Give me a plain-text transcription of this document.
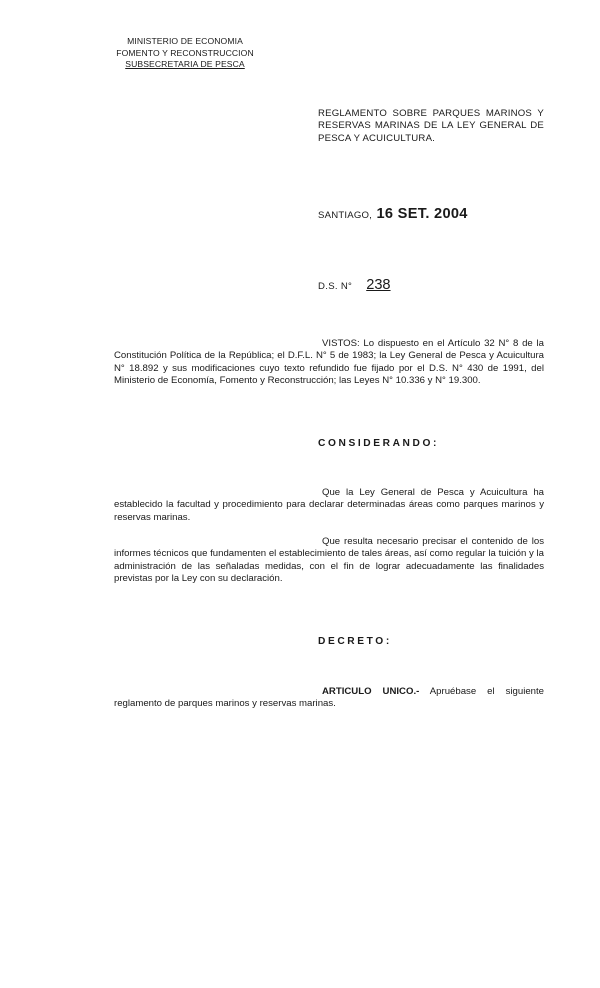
MINISTERIO DE ECONOMIA
FOMENTO Y RECONSTRUCCION
SUBSECRETARIA DE PESCA
REGLAMENTO SOBRE PARQUES MARINOS Y RESERVAS MARINAS DE LA LEY GENERAL DE PESCA Y ACUICULTURA.
SANTIAGO, 16 SET. 2004
D.S. N° 238
VISTOS: Lo dispuesto en el Artículo 32 N° 8 de la Constitución Política de la República; el D.F.L. N° 5 de 1983; la Ley General de Pesca y Acuicultura N° 18.892 y sus modificaciones cuyo texto refundido fue fijado por el D.S. N° 430 de 1991, del Ministerio de Economía, Fomento y Reconstrucción; las Leyes N° 10.336 y N° 19.300.
CONSIDERANDO:
Que la Ley General de Pesca y Acuicultura ha establecido la facultad y procedimiento para declarar determinadas áreas como parques marinos y reservas marinas.
Que resulta necesario precisar el contenido de los informes técnicos que fundamenten el establecimiento de tales áreas, así como regular la tuición y la administración de las señaladas medidas, con el fin de lograr adecuadamente las finalidades previstas por la Ley con su declaración.
DECRETO:
ARTICULO UNICO.- Apruébase el siguiente reglamento de parques marinos y reservas marinas.
